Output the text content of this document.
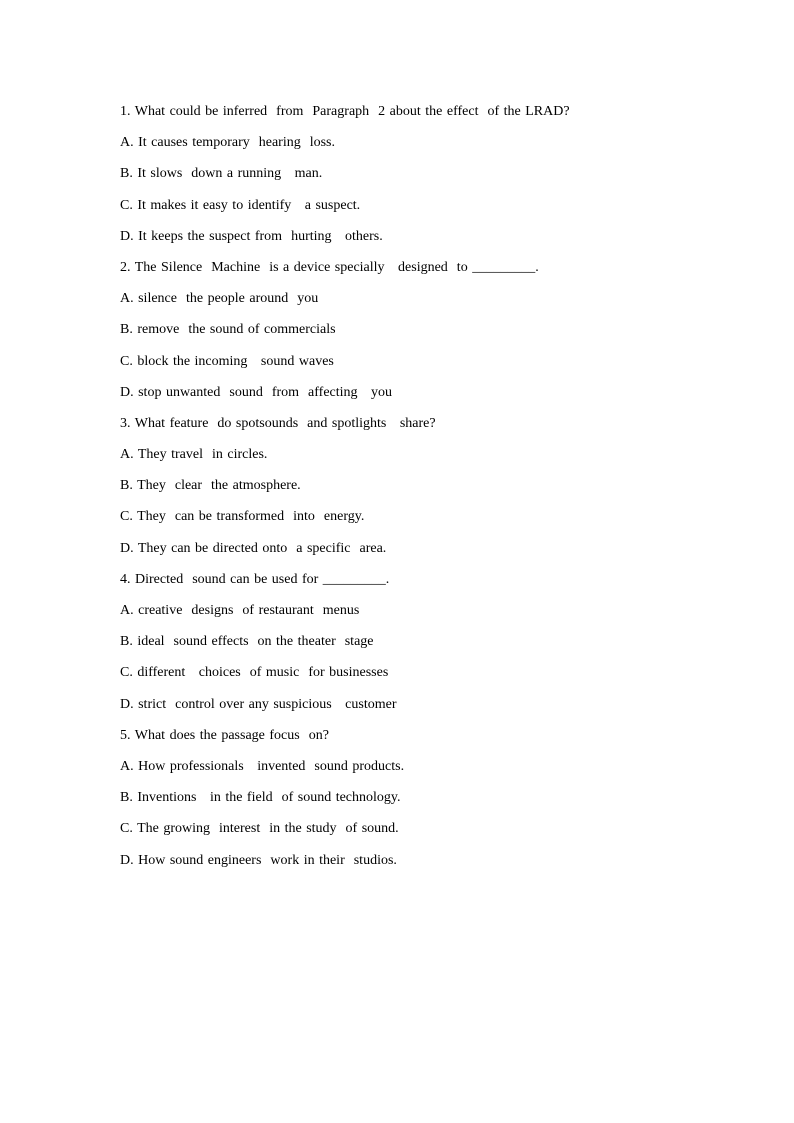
1. What could be inferred  from  Paragraph  2 about the effect  of the LRAD?
A. It causes temporary  hearing  loss.
B. It slows  down a running   man.
C. It makes it easy to identify   a suspect.
D. It keeps the suspect from  hurting   others.
2. The Silence  Machine  is a device specially   designed  to _________.
A. silence  the people around  you
B. remove  the sound of commercials
C. block the incoming   sound waves
D. stop unwanted  sound  from  affecting   you
3. What feature  do spotsounds  and spotlights   share?
A. They travel  in circles.
B. They  clear  the atmosphere.
C. They  can be transformed  into  energy.
D. They can be directed onto  a specific  area.
4. Directed  sound can be used for _________.
A. creative  designs  of restaurant  menus
B. ideal  sound effects  on the theater  stage
C. different   choices  of music  for businesses
D. strict  control over any suspicious   customer
5. What does the passage focus  on?
A. How professionals   invented  sound products.
B. Inventions   in the field  of sound technology.
C. The growing  interest  in the study  of sound.
D. How sound engineers  work in their  studios.
